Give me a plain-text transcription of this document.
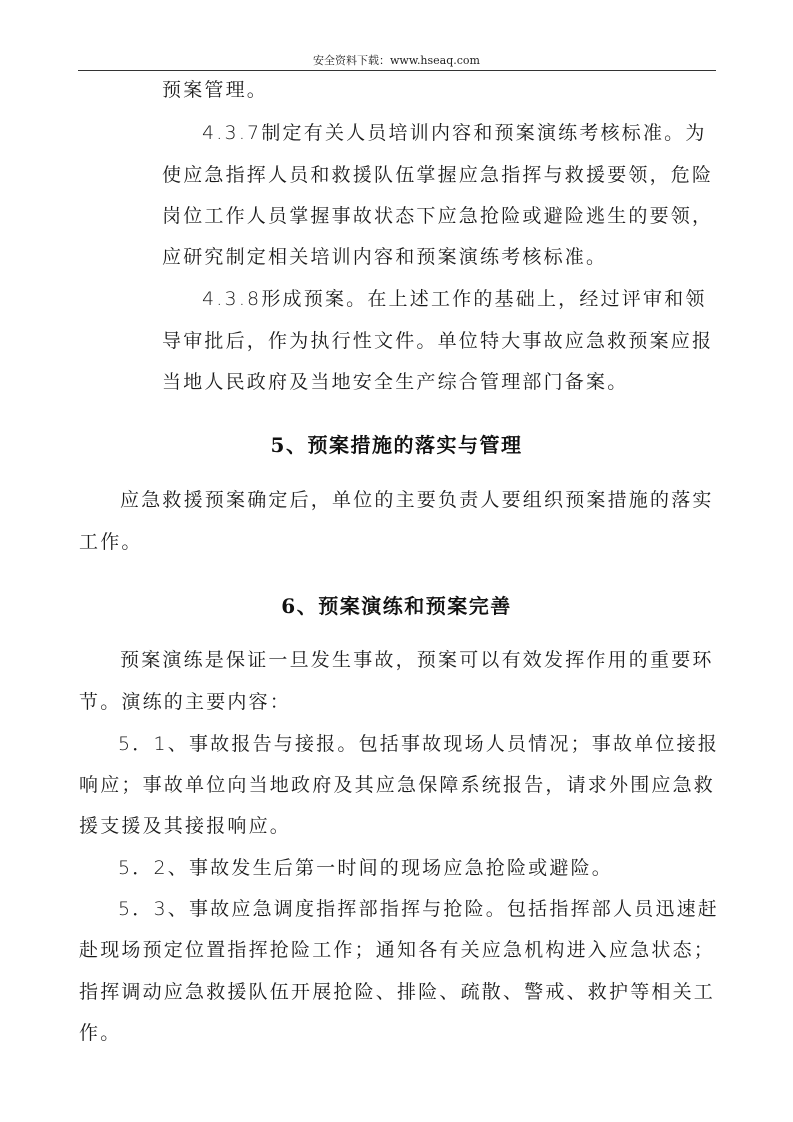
安全资料下载：www.hseaq.com
预案管理。
4.3.7制定有关人员培训内容和预案演练考核标准。为
使应急指挥人员和救援队伍掌握应急指挥与救援要领，危险
岗位工作人员掌握事故状态下应急抢险或避险逃生的要领，
应研究制定相关培训内容和预案演练考核标准。
4.3.8形成预案。在上述工作的基础上，经过评审和领
导审批后，作为执行性文件。单位特大事故应急救预案应报
当地人民政府及当地安全生产综合管理部门备案。
5、预案措施的落实与管理
应急救援预案确定后，单位的主要负责人要组织预案措施的落实
工作。
6、预案演练和预案完善
预案演练是保证一旦发生事故，预案可以有效发挥作用的重要环
节。演练的主要内容：
5．1、事故报告与接报。包括事故现场人员情况；事故单位接报
响应；事故单位向当地政府及其应急保障系统报告，请求外围应急救
援支援及其接报响应。
5．2、事故发生后第一时间的现场应急抢险或避险。
5．3、事故应急调度指挥部指挥与抢险。包括指挥部人员迅速赶
赴现场预定位置指挥抢险工作；通知各有关应急机构进入应急状态；
指挥调动应急救援队伍开展抢险、排险、疏散、警戒、救护等相关工
作。
